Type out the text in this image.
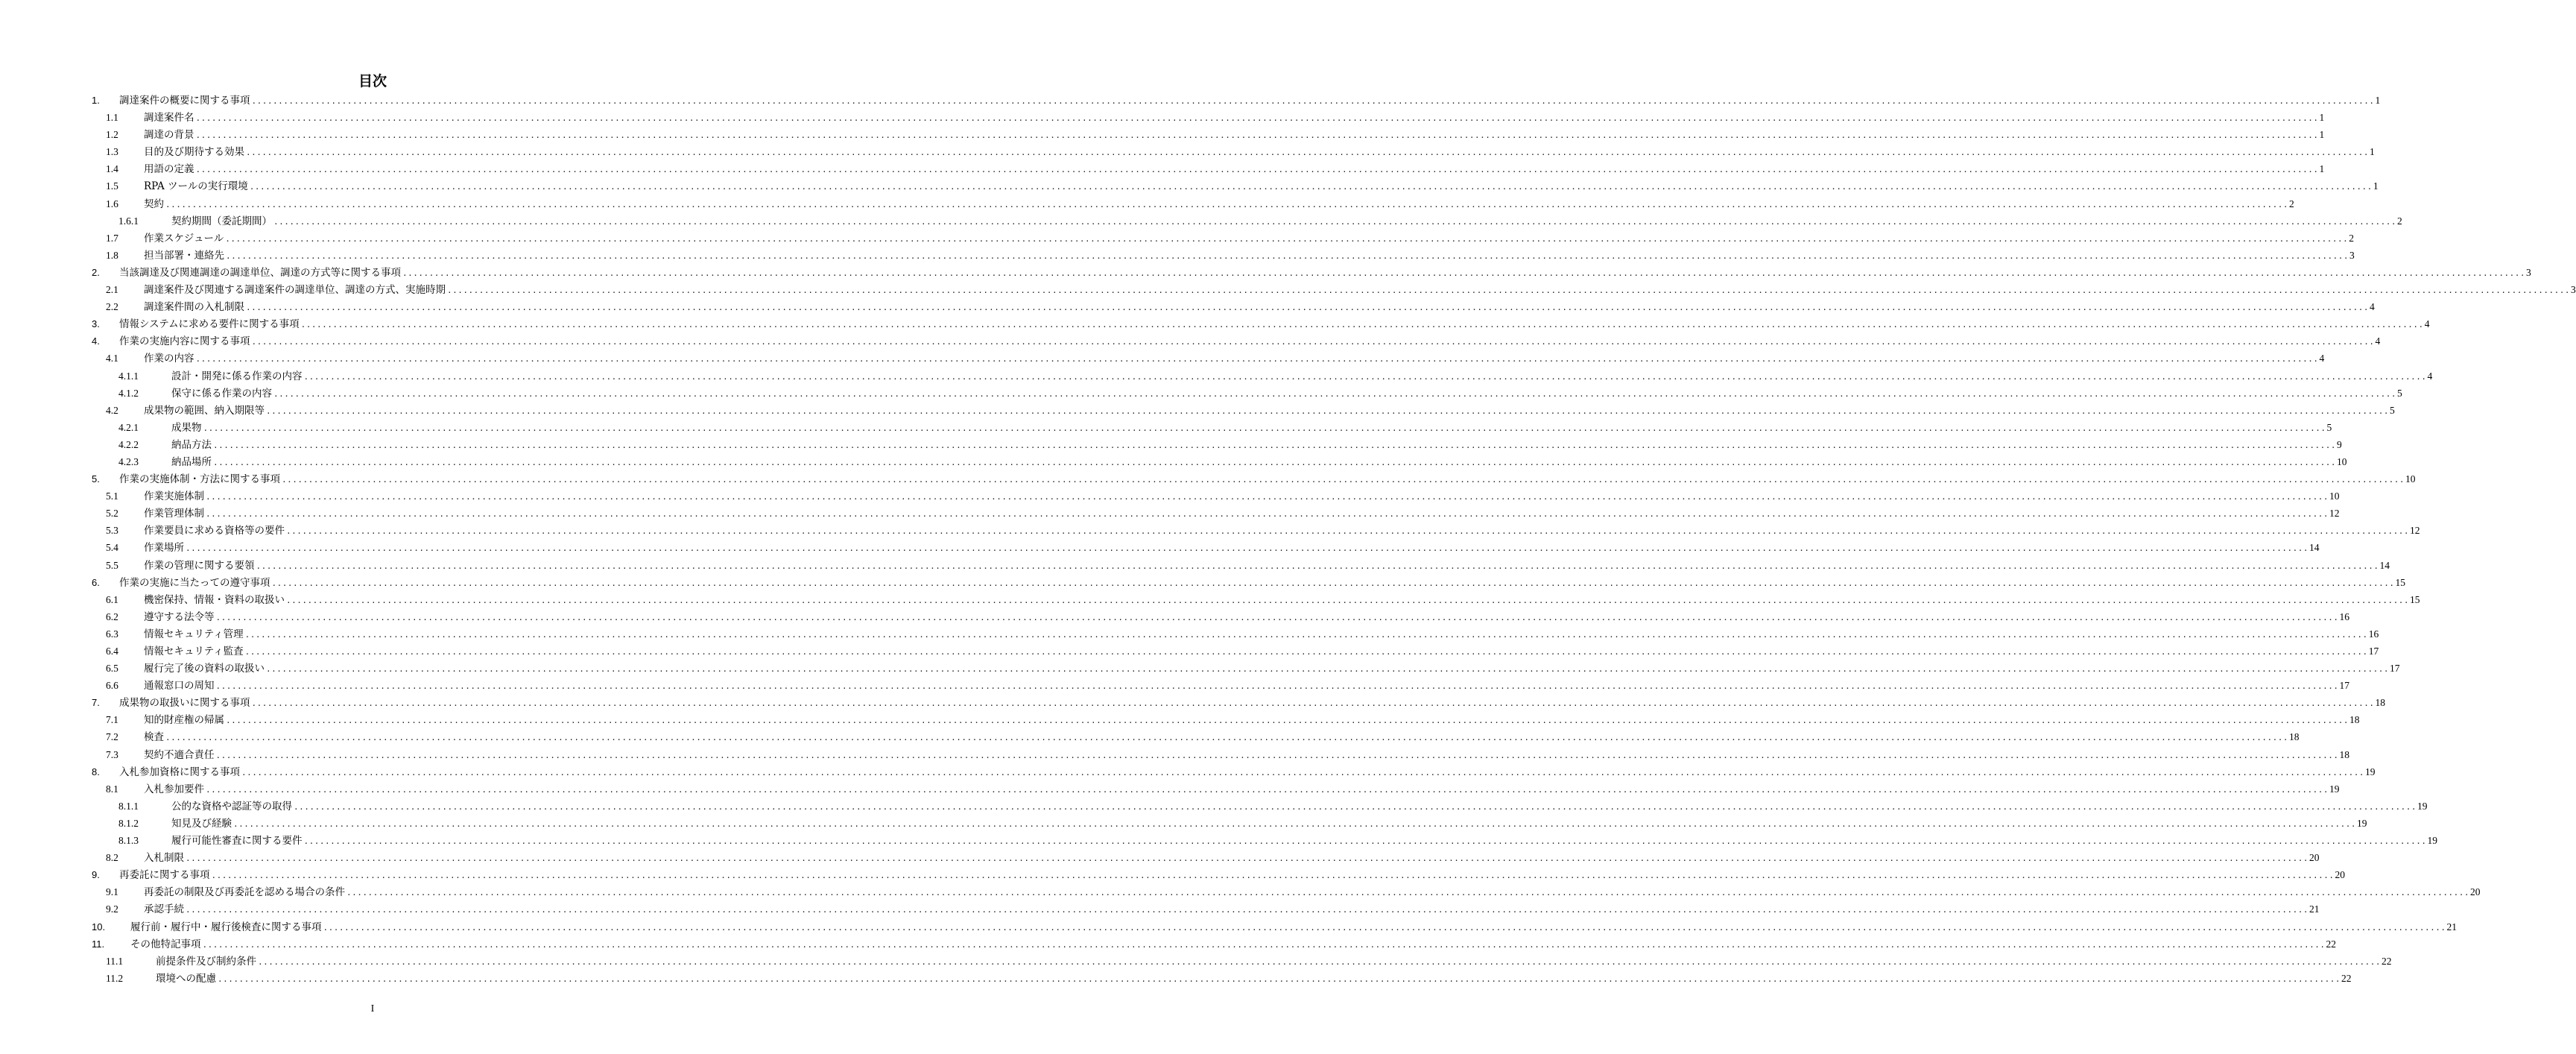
目次
1.	調達案件の概要に関する事項 ................................................................................................................................................................................................................................................................................................................................................................................................................ 1
1.1	調達案件名 ................................................................................................................................................................................................................................................................................................................................................................................................................ 1
1.2	調達の背景 ................................................................................................................................................................................................................................................................................................................................................................................................................ 1
1.3	目的及び期待する効果 ................................................................................................................................................................................................................................................................................................................................................................................................................ 1
1.4	用語の定義 ................................................................................................................................................................................................................................................................................................................................................................................................................ 1
1.5	RPA ツールの実行環境 ................................................................................................................................................................................................................................................................................................................................................................................................................ 1
1.6	契約 ................................................................................................................................................................................................................................................................................................................................................................................................................ 2
1.6.1	契約期間（委託期間） ................................................................................................................................................................................................................................................................................................................................................................................................................ 2
1.7	作業スケジュール ................................................................................................................................................................................................................................................................................................................................................................................................................ 2
1.8	担当部署・連絡先 ................................................................................................................................................................................................................................................................................................................................................................................................................ 3
2.	当該調達及び関連調達の調達単位、調達の方式等に関する事項 ................................................................................................................................................................................................................................................................................................................................................................................................................ 3
2.1	調達案件及び関連する調達案件の調達単位、調達の方式、実施時期 ................................................................................................................................................................................................................................................................................................................................................................................................................ 3
2.2	調達案件間の入札制限 ................................................................................................................................................................................................................................................................................................................................................................................................................ 4
3.	情報システムに求める要件に関する事項 ................................................................................................................................................................................................................................................................................................................................................................................................................ 4
4.	作業の実施内容に関する事項 ................................................................................................................................................................................................................................................................................................................................................................................................................ 4
4.1	作業の内容 ................................................................................................................................................................................................................................................................................................................................................................................................................ 4
4.1.1	設計・開発に係る作業の内容 ................................................................................................................................................................................................................................................................................................................................................................................................................ 4
4.1.2	保守に係る作業の内容 ................................................................................................................................................................................................................................................................................................................................................................................................................ 5
4.2	成果物の範囲、納入期限等 ................................................................................................................................................................................................................................................................................................................................................................................................................ 5
4.2.1	成果物 ................................................................................................................................................................................................................................................................................................................................................................................................................ 5
4.2.2	納品方法 ................................................................................................................................................................................................................................................................................................................................................................................................................ 9
4.2.3	納品場所 ................................................................................................................................................................................................................................................................................................................................................................................................................ 10
5.	作業の実施体制・方法に関する事項 ................................................................................................................................................................................................................................................................................................................................................................................................................ 10
5.1	作業実施体制 ................................................................................................................................................................................................................................................................................................................................................................................................................ 10
5.2	作業管理体制 ................................................................................................................................................................................................................................................................................................................................................................................................................ 12
5.3	作業要員に求める資格等の要件 ................................................................................................................................................................................................................................................................................................................................................................................................................ 12
5.4	作業場所 ................................................................................................................................................................................................................................................................................................................................................................................................................ 14
5.5	作業の管理に関する要領 ................................................................................................................................................................................................................................................................................................................................................................................................................ 14
6.	作業の実施に当たっての遵守事項 ................................................................................................................................................................................................................................................................................................................................................................................................................ 15
6.1	機密保持、情報・資料の取扱い ................................................................................................................................................................................................................................................................................................................................................................................................................ 15
6.2	遵守する法令等 ................................................................................................................................................................................................................................................................................................................................................................................................................ 16
6.3	情報セキュリティ管理 ................................................................................................................................................................................................................................................................................................................................................................................................................ 16
6.4	情報セキュリティ監査 ................................................................................................................................................................................................................................................................................................................................................................................................................ 17
6.5	履行完了後の資料の取扱い ................................................................................................................................................................................................................................................................................................................................................................................................................ 17
6.6	通報窓口の周知 ................................................................................................................................................................................................................................................................................................................................................................................................................ 17
7.	成果物の取扱いに関する事項 ................................................................................................................................................................................................................................................................................................................................................................................................................ 18
7.1	知的財産権の帰属 ................................................................................................................................................................................................................................................................................................................................................................................................................ 18
7.2	検査 ................................................................................................................................................................................................................................................................................................................................................................................................................ 18
7.3	契約不適合責任 ................................................................................................................................................................................................................................................................................................................................................................................................................ 18
8.	入札参加資格に関する事項 ................................................................................................................................................................................................................................................................................................................................................................................................................ 19
8.1	入札参加要件 ................................................................................................................................................................................................................................................................................................................................................................................................................ 19
8.1.1	公的な資格や認証等の取得 ................................................................................................................................................................................................................................................................................................................................................................................................................ 19
8.1.2	知見及び経験 ................................................................................................................................................................................................................................................................................................................................................................................................................ 19
8.1.3	履行可能性審査に関する要件 ................................................................................................................................................................................................................................................................................................................................................................................................................ 19
8.2	入札制限 ................................................................................................................................................................................................................................................................................................................................................................................................................ 20
9.	再委託に関する事項 ................................................................................................................................................................................................................................................................................................................................................................................................................ 20
9.1	再委託の制限及び再委託を認める場合の条件 ................................................................................................................................................................................................................................................................................................................................................................................................................ 20
9.2	承認手続 ................................................................................................................................................................................................................................................................................................................................................................................................................ 21
10.	履行前・履行中・履行後検査に関する事項 ................................................................................................................................................................................................................................................................................................................................................................................................................ 21
11.	その他特記事項 ................................................................................................................................................................................................................................................................................................................................................................................................................ 22
11.1	前提条件及び制約条件 ................................................................................................................................................................................................................................................................................................................................................................................................................ 22
11.2	環境への配慮 ................................................................................................................................................................................................................................................................................................................................................................................................................ 22
I
